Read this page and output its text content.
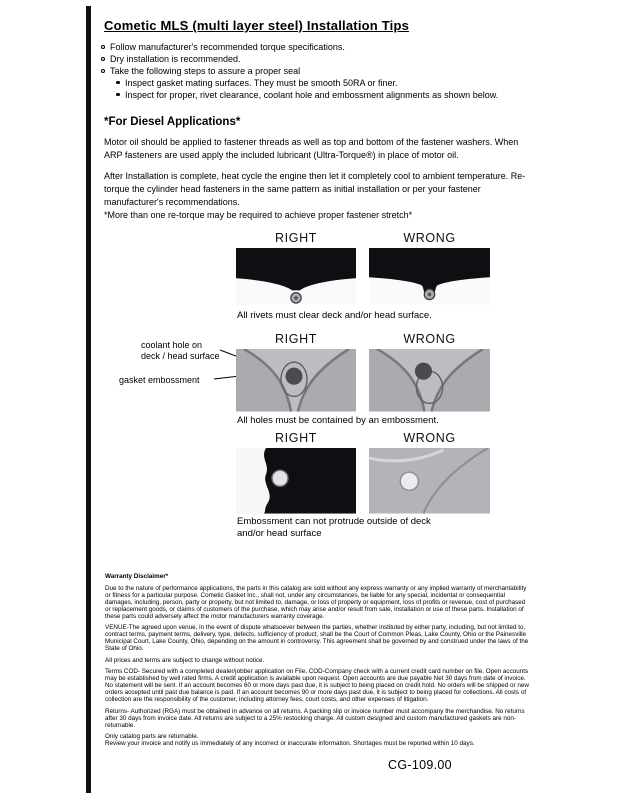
Cometic MLS (multi layer steel) Installation Tips
Follow manufacturer's recommended torque specifications.
Dry installation is recommended.
Take the following steps to assure a proper seal
Inspect gasket mating surfaces. They must be smooth 50RA or finer.
Inspect for proper, rivet clearance, coolant hole and embossment alignments as shown below.
*For Diesel Applications*

Motor oil should be applied to fastener threads as well as top and bottom of the fastener washers. When ARP fasteners are used apply the included lubricant (Ultra-Torque®) in place of motor oil.

After Installation is complete, heat cycle the engine then let it completely cool to ambient temperature. Re-torque the cylinder head fasteners in the same pattern as initial installation or per your fastener manufacturer's recommendations.

*More than one re-torque may be required to achieve proper fastener stretch*

RIGHT	WRONG
All rivets must clear deck and/or head surface.
coolant hole on deck / head surface
gasket embossment
RIGHT	WRONG
All holes must be contained by an embossment.
RIGHT	WRONG
Embossment can not protrude outside of deck and/or head surface

Warranty Disclaimer*

Due to the nature of performance applications, the parts in this catalog are sold without any express warranty or any implied warranty of merchantability or fitness for a particular purpose. Cometic Gasket Inc., shall not, under any circumstances, be liable for any special, incidental or consequential damages, including, person, party or property, but not limited to, damage, or loss of property or equipment, loss of profits or revenue, cost of purchased or replacement goods, or claims of customers of the purchase, which may arise and/or result from sale, installation or use of these parts. Installation of these parts could adversely affect the motor manufacturers warranty coverage.

VENUE-The agreed upon venue, in the event of dispute whatsoever between the parties, whether instituted by either party, including, but not limited to, contract terms, payment terms, delivery, type, defects, sufficiency of product, shall be the Court of Common Pleas, Lake County, Ohio or the Painesville Municipal Court, Lake County, Ohio, depending on the amount in controversy. This agreement shall be governed by and construed under the laws of the State of Ohio.

All prices and terms are subject to change without notice.

Terms COD- Secured with a completed dealer/jobber application on File, COD-Company check with a current credit card number on file. Open accounts may be established by well rated firms. A credit application is available upon request. Open accounts are due payable Net 30 days from date of invoice. No statement will be sent. If an account becomes 60 or more days past due, it is subject to being placed on credit hold. No orders will be shipped or new orders accepted until past due balance is paid. If an account becomes 90 or more days past due, it is subject to being placed for collections. All costs of collection are the responsibility of the customer, including attorney fees, court costs, and other expenses of litigation.

Returns- Authorized (RGA) must be obtained in advance on all returns. A packing slip or invoice number must accompany the merchandise. No returns after 30 days from invoice date. All returns are subject to a 25% restocking charge. All custom designed and custom manufactured gaskets are non-returnable.

Only catalog parts are returnable.

Review your invoice and notify us immediately of any incorrect or inaccurate information. Shortages must be reported within 10 days.

CG-109.00
